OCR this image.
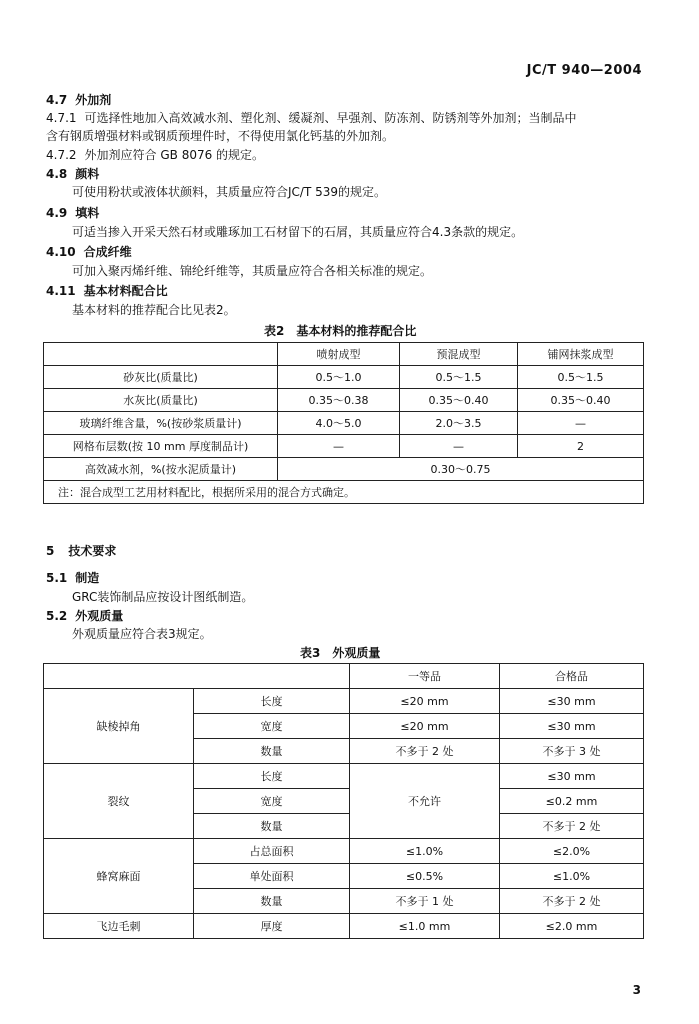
JC/T 940—2004
4.7 外加剂
4.7.1 可选择性地加入高效减水剂、塑化剂、缓凝剂、早强剂、防冻剂、防锈剂等外加剂；当制品中
含有钢质增强材料或钢质预埋件时，不得使用氯化钙基的外加剂。
4.7.2 外加剂应符合 GB 8076 的规定。
4.8 颜料
可使用粉状或液体状颜料，其质量应符合JC/T 539的规定。
4.9 填料
可适当掺入开采天然石材或雕琢加工石材留下的石屑，其质量应符合4.3条款的规定。
4.10 合成纤维
可加入聚丙烯纤维、锦纶纤维等，其质量应符合各相关标准的规定。
4.11 基本材料配合比
基本材料的推荐配合比见表2。
表2　基本材料的推荐配合比
	喷射成型	预混成型	铺网抹浆成型
砂灰比(质量比)	0.5～1.0	0.5～1.5	0.5～1.5
水灰比(质量比)	0.35～0.38	0.35～0.40	0.35～0.40
玻璃纤维含量，%(按砂浆质量计)	4.0～5.0	2.0～3.5	—
网格布层数(按 10 mm 厚度制品计)	—	—	2
高效减水剂，%(按水泥质量计)	0.30～0.75		
注：混合成型工艺用材料配比，根据所采用的混合方式确定。			
5 技术要求
5.1 制造
GRC装饰制品应按设计图纸制造。
5.2 外观质量
外观质量应符合表3规定。
表3　外观质量
		一等品	合格品
缺棱掉角	长度	≤20 mm	≤30 mm
	宽度	≤20 mm	≤30 mm
	数量	不多于 2 处	不多于 3 处
裂纹	长度	不允许	≤30 mm
	宽度		≤0.2 mm
	数量		不多于 2 处
蜂窝麻面	占总面积	≤1.0%	≤2.0%
	单处面积	≤0.5%	≤1.0%
	数量	不多于 1 处	不多于 2 处
飞边毛刺	厚度	≤1.0 mm	≤2.0 mm
3
